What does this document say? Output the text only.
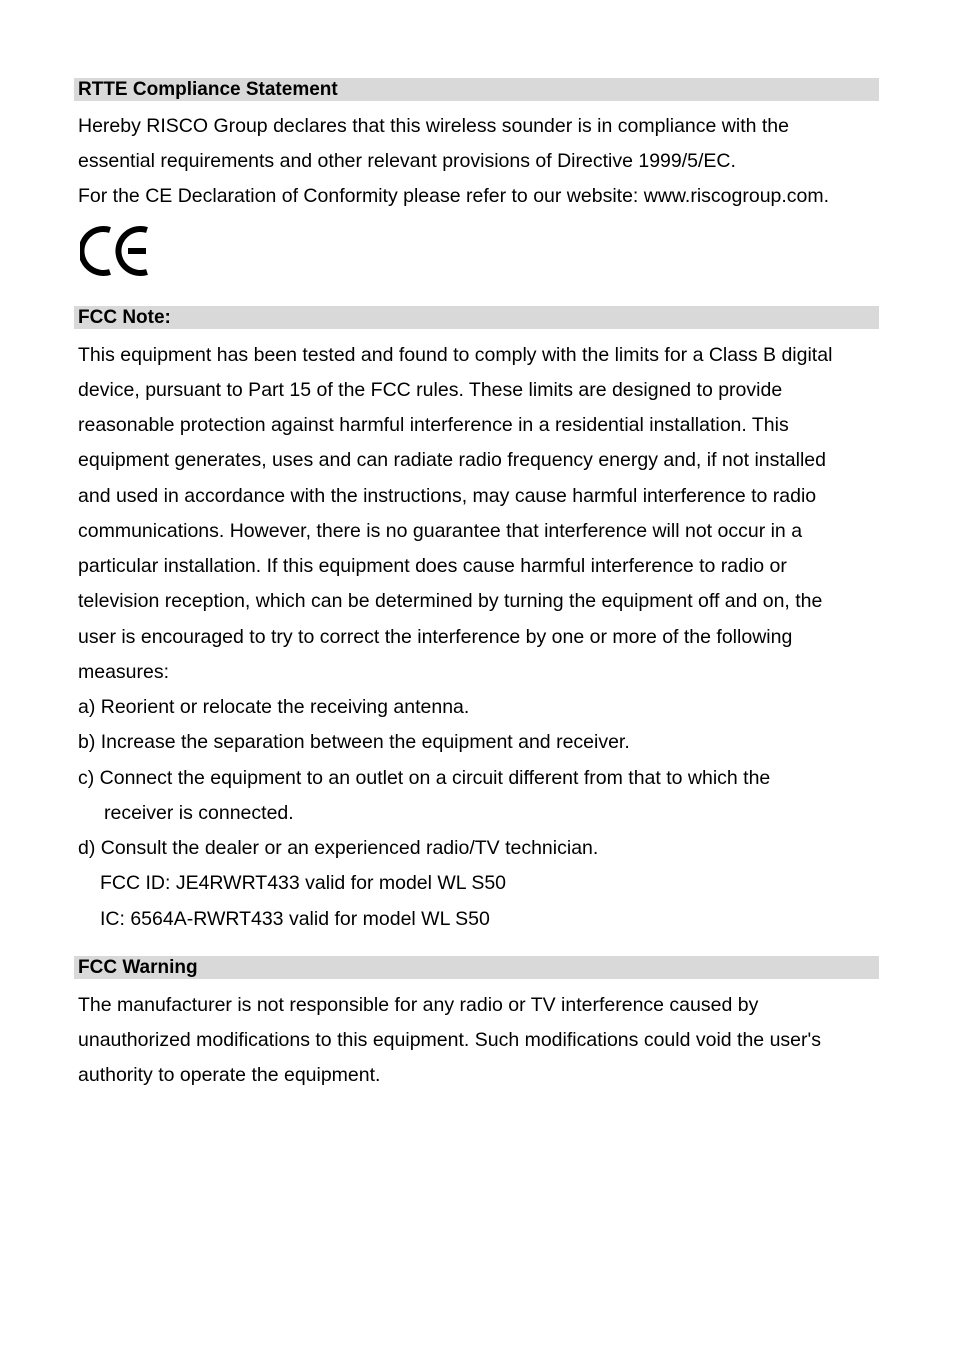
RTTE Compliance Statement
Hereby RISCO Group declares that this wireless sounder is in compliance with the
essential requirements and other relevant provisions of Directive 1999/5/EC.
For the CE Declaration of Conformity please refer to our website: www.riscogroup.com.
FCC Note:
This equipment has been tested and found to comply with the limits for a Class B digital
device, pursuant to Part 15 of the FCC rules. These limits are designed to provide
reasonable protection against harmful interference in a residential installation. This
equipment generates, uses and can radiate radio frequency energy and, if not installed
and used in accordance with the instructions, may cause harmful interference to radio
communications. However, there is no guarantee that interference will not occur in a
particular installation. If this equipment does cause harmful interference to radio or
television reception, which can be determined by turning the equipment off and on, the
user is encouraged to try to correct the interference by one or more of the following
measures:
a) Reorient or relocate the receiving antenna.
b) Increase the separation between the equipment and receiver.
c) Connect the equipment to an outlet on a circuit different from that to which the
receiver is connected.
d) Consult the dealer or an experienced radio/TV technician.
FCC ID: JE4RWRT433 valid for model WL S50
IC: 6564A-RWRT433 valid for model WL S50
FCC Warning
The manufacturer is not responsible for any radio or TV interference caused by
unauthorized modifications to this equipment. Such modifications could void the user's
authority to operate the equipment.
